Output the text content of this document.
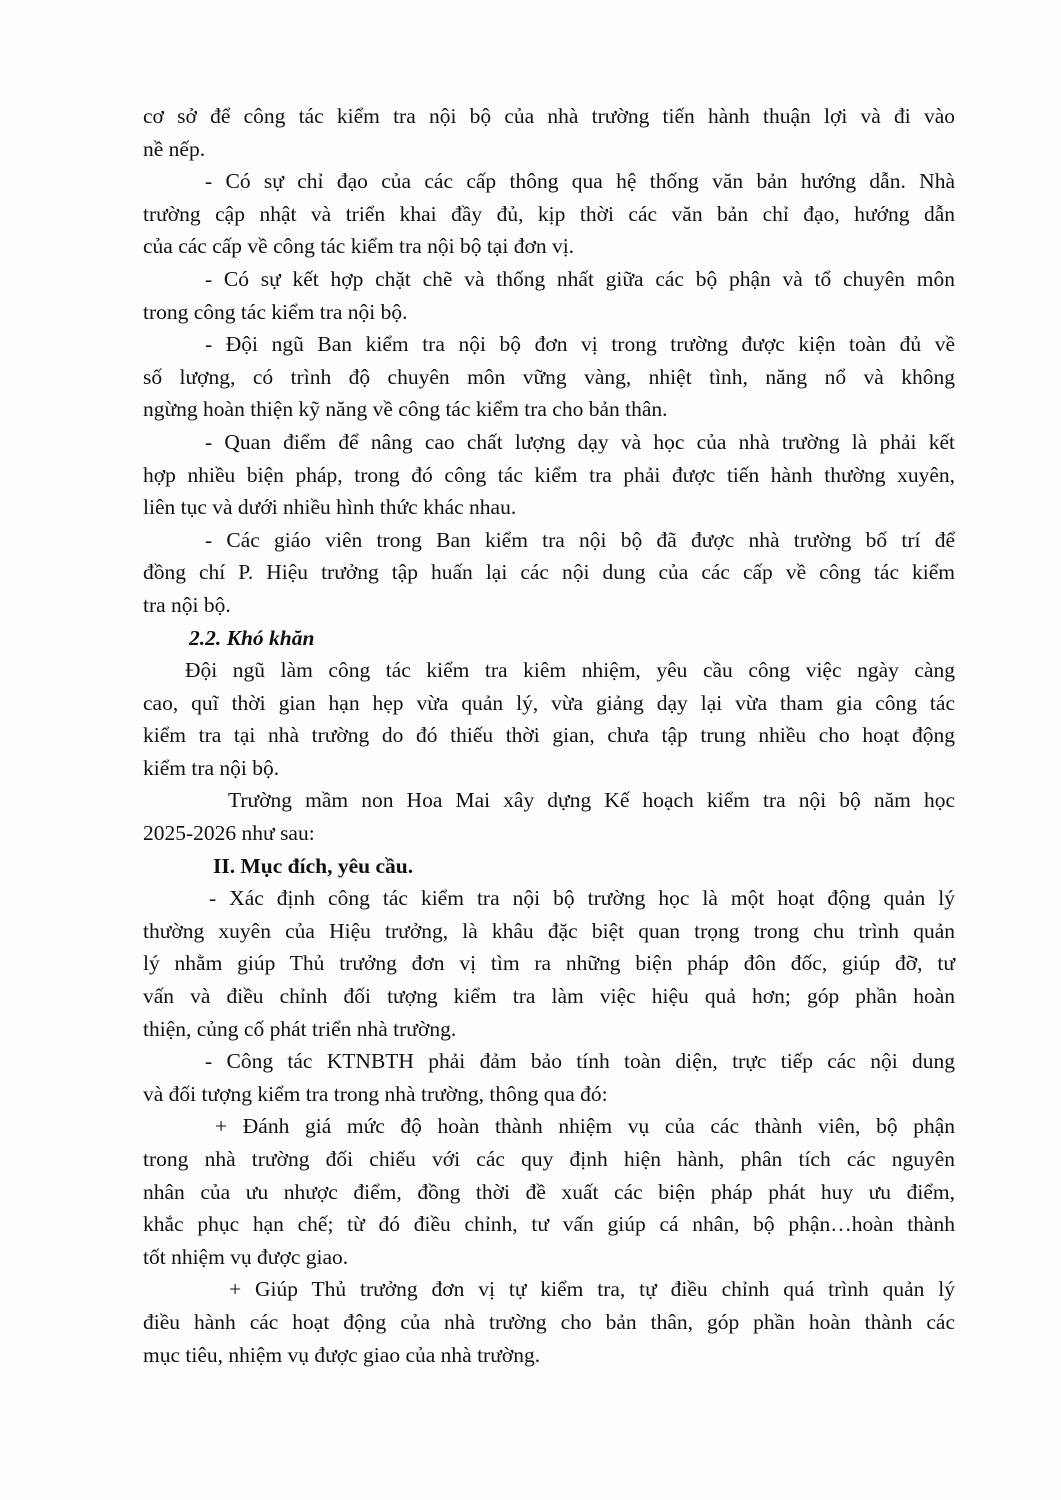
cơ sở để công tác kiểm tra nội bộ của nhà trường tiến hành thuận lợi và đi vào
nề nếp.
- Có sự chỉ đạo của các cấp thông qua hệ thống văn bản hướng dẫn. Nhà
trường cập nhật và triển khai đầy đủ, kịp thời các văn bản chỉ đạo, hướng dẫn
của các cấp về công tác kiểm tra nội bộ tại đơn vị.
- Có sự kết hợp chặt chẽ và thống nhất giữa các bộ phận và tổ chuyên môn
trong công tác kiểm tra nội bộ.
- Đội ngũ Ban kiểm tra nội bộ đơn vị trong trường được kiện toàn đủ về
số lượng, có trình độ chuyên môn vững vàng, nhiệt tình, năng nổ và không
ngừng hoàn thiện kỹ năng về công tác kiểm tra cho bản thân.
- Quan điểm để nâng cao chất lượng dạy và học của nhà trường là phải kết
hợp nhiều biện pháp, trong đó công tác kiểm tra phải được tiến hành thường xuyên,
liên tục và dưới nhiều hình thức khác nhau.
- Các giáo viên trong Ban kiểm tra nội bộ đã được nhà trường bố trí để
đồng chí P. Hiệu trưởng tập huấn lại các nội dung của các cấp về công tác kiểm
tra nội bộ.
2.2. Khó khăn
Đội ngũ làm công tác kiểm tra kiêm nhiệm, yêu cầu công việc ngày càng
cao, quĩ thời gian hạn hẹp vừa quản lý, vừa giảng dạy lại vừa tham gia công tác
kiểm tra tại nhà trường do đó thiếu thời gian, chưa tập trung nhiều cho hoạt động
kiểm tra nội bộ.
Trường mầm non Hoa Mai xây dựng Kế hoạch kiểm tra nội bộ năm học
2025-2026 như sau:
II. Mục đích, yêu cầu.
- Xác định công tác kiểm tra nội bộ trường học là một hoạt động quản lý
thường xuyên của Hiệu trưởng, là khâu đặc biệt quan trọng trong chu trình quản
lý nhằm giúp Thủ trưởng đơn vị tìm ra những biện pháp đôn đốc, giúp đỡ, tư
vấn và điều chỉnh đối tượng kiểm tra làm việc hiệu quả hơn; góp phần hoàn
thiện, củng cố phát triển nhà trường.
- Công tác KTNBTH phải đảm bảo tính toàn diện, trực tiếp các nội dung
và đối tượng kiểm tra trong nhà trường, thông qua đó:
+ Đánh giá mức độ hoàn thành nhiệm vụ của các thành viên, bộ phận
trong nhà trường đối chiếu với các quy định hiện hành, phân tích các nguyên
nhân của ưu nhược điểm, đồng thời đề xuất các biện pháp phát huy ưu điểm,
khắc phục hạn chế; từ đó điều chỉnh, tư vấn giúp cá nhân, bộ phận…hoàn thành
tốt nhiệm vụ được giao.
+ Giúp Thủ trưởng đơn vị tự kiểm tra, tự điều chỉnh quá trình quản lý
điều hành các hoạt động của nhà trường cho bản thân, góp phần hoàn thành các
mục tiêu, nhiệm vụ được giao của nhà trường.
